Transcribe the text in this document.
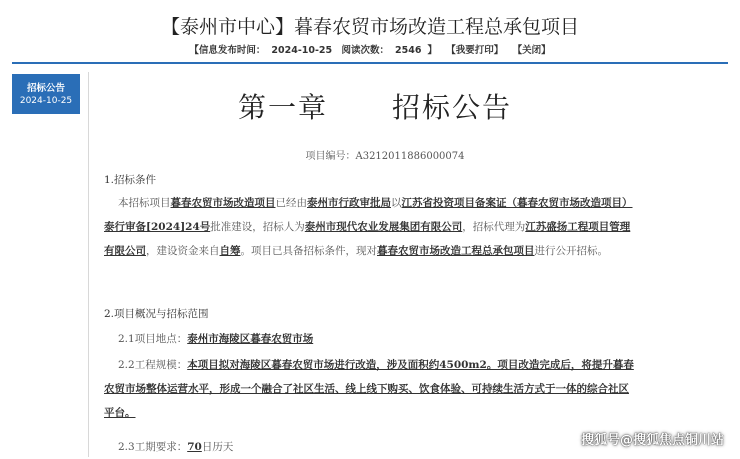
【泰州市中心】暮春农贸市场改造工程总承包项目
【信息发布时间： 2024-10-25 阅读次数： 2546 】 【我要打印】 【关闭】
招标公告
2024-10-25	第一章 招标公告
项目编号：A3212011886000074
1.招标条件
本招标项目暮春农贸市场改造项目已经由泰州市行政审批局以江苏省投资项目备案证（暮春农贸市场改造项目）泰行审备[2024]24号批准建设，招标人为泰州市现代农业发展集团有限公司，招标代理为江苏盛扬工程项目管理有限公司，建设资金来自自筹。项目已具备招标条件，现对暮春农贸市场改造工程总承包项目进行公开招标。
2.项目概况与招标范围
2.1项目地点：泰州市海陵区暮春农贸市场
2.2工程规模：本项目拟对海陵区暮春农贸市场进行改造，涉及面积约4500m2。项目改造完成后，将提升暮春农贸市场整体运营水平，形成一个融合了社区生活、线上线下购买、饮食体验、可持续生活方式于一体的综合社区平台。
2.3工期要求：70日历天	搜狐号@搜狐焦点铜川站
